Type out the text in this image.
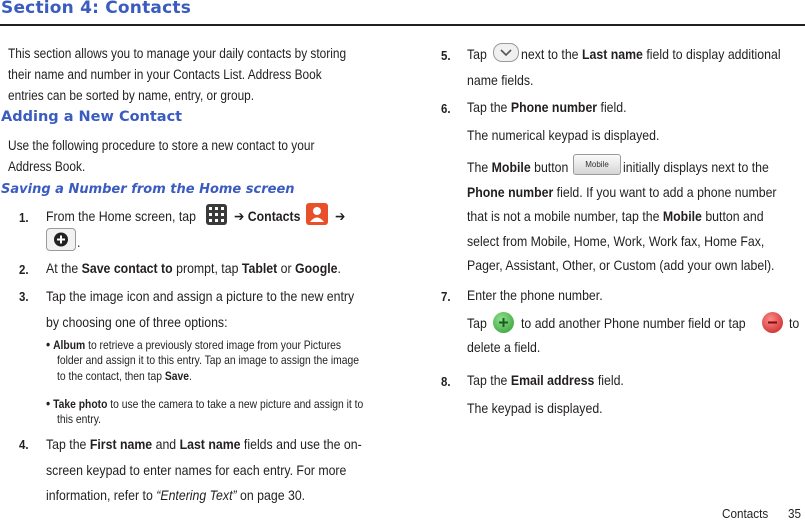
Section 4: Contacts
This section allows you to manage your daily contacts by storing
their name and number in your Contacts List. Address Book
entries can be sorted by name, entry, or group.
Adding a New Contact
Use the following procedure to store a new contact to your
Address Book.
Saving a Number from the Home screen
1. From the Home screen, tap	➔ Contacts ➔
.
2. At the Save contact to prompt, tap Tablet or Google.
3. Tap the image icon and assign a picture to the new entry
by choosing one of three options:
• Album to retrieve a previously stored image from your Pictures
folder and assign it to this entry. Tap an image to assign the image
to the contact, then tap Save.
• Take photo to use the camera to take a new picture and assign it to
this entry.
4. Tap the First name and Last name fields and use the on-
screen keypad to enter names for each entry. For more
information, refer to “Entering Text” on page 30.
5. Tap next to the Last name field to display additional
name fields.
6. Tap the Phone number field.
The numerical keypad is displayed.
The Mobile button	Mobile	initially displays next to the
Phone number field. If you want to add a phone number
that is not a mobile number, tap the Mobile button and
select from Mobile, Home, Work, Work fax, Home Fax,
Pager, Assistant, Other, or Custom (add your own label).
7. Enter the phone number.
Tap to add another Phone number field or tap	to
delete a field.
8. Tap the Email address field.
The keypad is displayed.
Contacts 35
